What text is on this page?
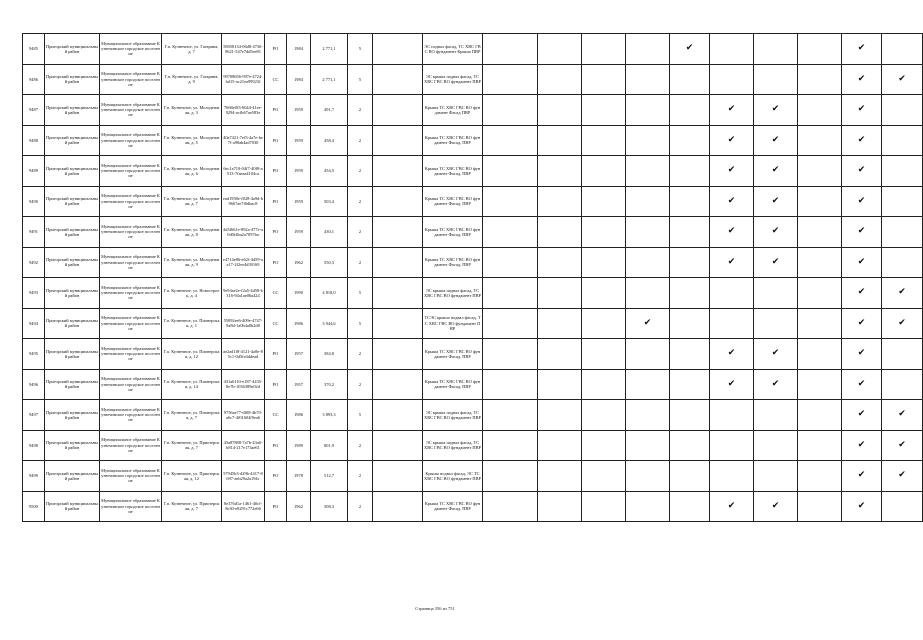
9485	Пригорский муниципальный район	Муниципальное образование Кузнечинское городское поселение	Г.п. Кузнечное, ул. Гагарина, д. 7	58058134-06d8-4736-9621-547e7dd5ee81	РО	1984	2 771,1	5		ЭС подвал фасад, ТС ХВС ГВС ВО фундамент Крыша ПВР					✔				✔	
9486	Пригорский муниципальный район	Муниципальное образование Кузнечинское городское поселение	Г.п. Кузнечное, ул. Гагарина, д. 9	99708656-997e-4724-bd15-ac21ea99923f	СС	1984	2 771,1	5		ЭС крыша подвал фасад, ТС ХВС ГВС ВО фундамент ПВР									✔	✔
9487	Пригорский муниципальный район	Муниципальное образование Кузнечинское городское поселение	Г.п. Кузнечное, ул. Молодежная, д. 3	7668e0f3-6044-41ee-9294-acfb67ae583e	РО	1959	491,7	2		Крыша ТС ХВС ГВС ВО фундамент Фасад ПВР						✔	✔		✔	
9488	Пригорский муниципальный район	Муниципальное образование Кузнечинское городское поселение	Г.п. Кузнечное, ул. Молодежная, д. 5	40a7421-7ef5-4a7e-be7f-a98ab4ad7030	РО	1959	458,4	2		Крыша ТС ХВС ГВС ВО фундамент Фасад, ПВР						✔	✔		✔	
9489	Пригорский муниципальный район	Муниципальное образование Кузнечинское городское поселение	Г.п. Кузнечное, ул. Молодежная, д. 6	6ec1a710-04f7-40f8-a513-7faeaa4104ca	РО	1959	454,5	2		Крыша ТС ХВС ГВС ВО фундамент Фасад, ПВР						✔	✔		✔	
9490	Пригорский муниципальный район	Муниципальное образование Кузнечинское городское поселение	Г.п. Кузнечное, ул. Молодежная, д. 7	ead1958e-f028-4a9d-b9667ae7f6dbac8	РО	1959	503,4	2		Крыша ТС ХВС ГВС ВО фундамент Фасад, ПВР						✔	✔		✔	
9491	Пригорский муниципальный район	Муниципальное образование Кузнечинское городское поселение	Г.п. Кузнечное, ул. Молодежная, д. 8	4d3f661e-892a-477e-a0d0f4ba2a7097ba	РО	1959	430,1	2		Крыша ТС ХВС ГВС ВО фундамент Фасад, ПВР						✔	✔		✔	
9492	Пригорский муниципальный район	Муниципальное образование Кузнечинское городское поселение	Г.п. Кузнечное, ул. Молодежная, д. 9	e4714e86-e62f-4d59-aa17-2f2ee4d39169	РО	1962	550,3	2		Крыша ТС ХВС ГВС ВО фундамент Фасад, ПВР						✔	✔		✔	
9493	Пригорский муниципальный район	Муниципальное образование Кузнечинское городское поселение	Г.п. Кузнечное, ул. Новостроек, д. 4	9e93ae2e-f2a5-4d58-b316-94a1ae06a424	СС	1990	4 818,0	5		ЭС крыша подвал фасад, ТС ХВС ГВС ВО фундамент ПВР									✔	✔
9494	Пригорский муниципальный район	Муниципальное образование Кузнечинское городское поселение	Г.п. Кузнечное, ул. Пионерская, д. 1	55092ee6-409e-4747-9a8d-1a0b4a0b2d8	СС	1986	3 944,6	5		ТСЭС крыша подвал фасад, ТС ХВС ГВС ВО фундамент ПВР				✔					✔	✔
9495	Пригорский муниципальный район	Муниципальное образование Кузнечинское городское поселение	Г.п. Кузнечное, ул. Пионерская, д. 12	ae2ad1f8-4121-4a8e-85c1-0d5fe4ddead	РО	1957	384,8	2		Крыша ТС ХВС ГВС ВО фундамент Фасад, ПВР						✔	✔		✔	
9496	Пригорский муниципальный район	Муниципальное образование Кузнечинское городское поселение	Г.п. Кузнечное, ул. Пионерская, д. 14	431a6110-e187-4435-8e7b-1036389e02d	РО	1957	370,2	2		Крыша ТС ХВС ГВС ВО фундамент Фасад, ПВР						✔	✔		✔	
9497	Пригорский муниципальный район	Муниципальное образование Кузнечинское городское поселение	Г.п. Кузнечное, ул. Пионерская, д. 7	9756ae77-df08-4b70-a6c7-4f01604f9ea6	СС	1986	3 893,3	5		ЭС крыша подвал фасад, ТС ХВС ГВС ВО фундамент ПВР									✔	✔
9498	Пригорский муниципальный район	Муниципальное образование Кузнечинское городское поселение	Г.п. Кузнечное, ул. Приозерская, д. 7	43a87888-7a7b-43a6-b814-217e173ae61	РО	1989	801,9	2		ЭС крыша подвал фасад, ТС ХВС ГВС ВО фундамент ПВР									✔	✔
9499	Пригорский муниципальный район	Муниципальное образование Кузнечинское городское поселение	Г.п. Кузнечное, ул. Приозерская, д. 12	57945b3-d29b-4417-8697-aeb29a2a194c	РО	1978	512,7	2		Крыша подвал фасад, ЭС ТС ХВС ГВС ВО фундамент ПВР									✔	✔
9500	Пригорский муниципальный район	Муниципальное образование Кузнечинское городское поселение	Г.п. Кузнечное, ул. Приозерская, д. 7	8e376d1a-1461-40cf-8e30-e8291c772e66	РО	1962	508,3	2		Крыша ТС ХВС ГВС ВО фундамент Фасад, ПВР						✔	✔		✔	
Страница 356 из 751
